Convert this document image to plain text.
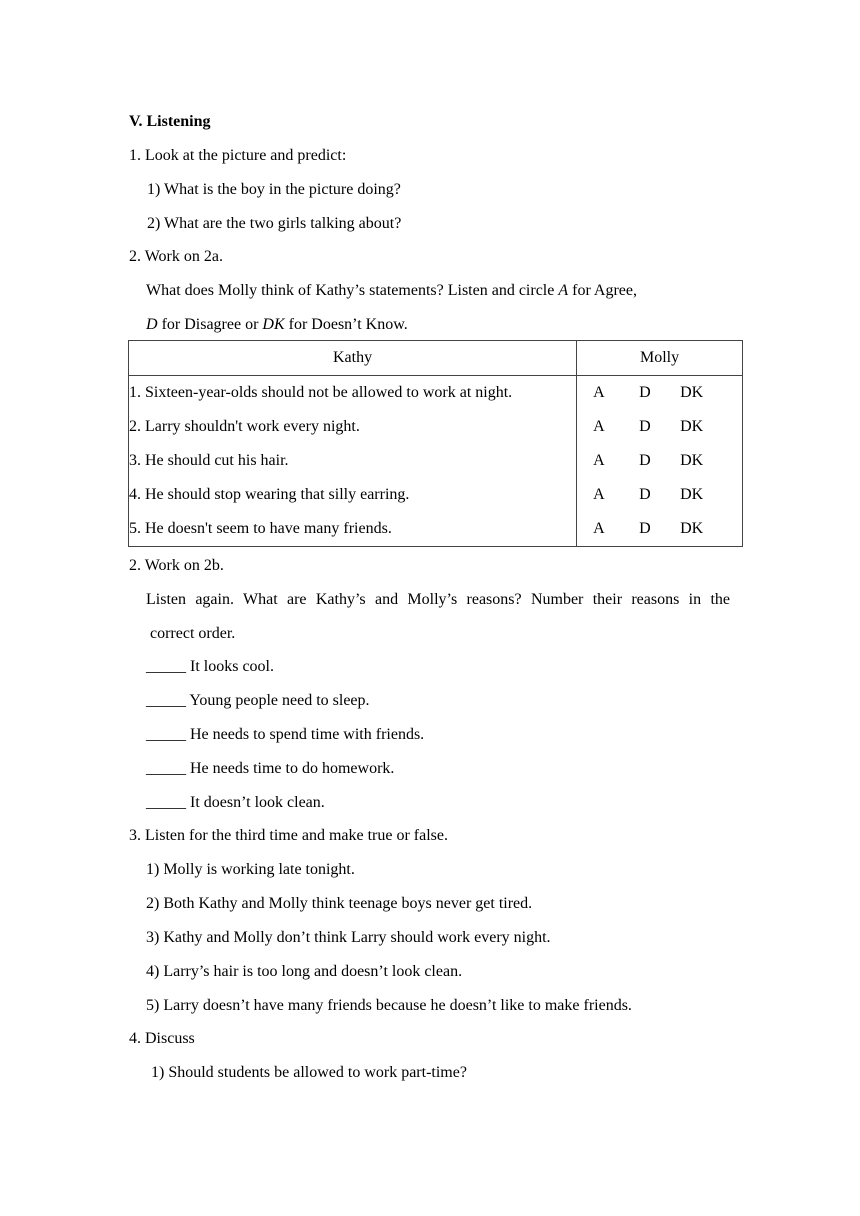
V. Listening
1. Look at the picture and predict:
1) What is the boy in the picture doing?
2) What are the two girls talking about?
2. Work on 2a.
What does Molly think of Kathy’s statements? Listen and circle A for Agree,
D for Disagree or DK for Doesn’t Know.
Kathy	Molly
1. Sixteen-year-olds should not be allowed to work at night.	A D DK

2. Larry shouldn't work every night.	A D DK

3. He should cut his hair.	A D DK

4. He should stop wearing that silly earring.	A D DK

5. He doesn't seem to have many friends.	A D DK
2. Work on 2b.
Listen again. What are Kathy’s and Molly’s reasons? Number their reasons in the
correct order.
_____ It looks cool.
_____ Young people need to sleep.
_____ He needs to spend time with friends.
_____ He needs time to do homework.
_____ It doesn’t look clean.
3. Listen for the third time and make true or false.
1) Molly is working late tonight.
2) Both Kathy and Molly think teenage boys never get tired.
3) Kathy and Molly don’t think Larry should work every night.
4) Larry’s hair is too long and doesn’t look clean.
5) Larry doesn’t have many friends because he doesn’t like to make friends.
4. Discuss
1) Should students be allowed to work part-time?
